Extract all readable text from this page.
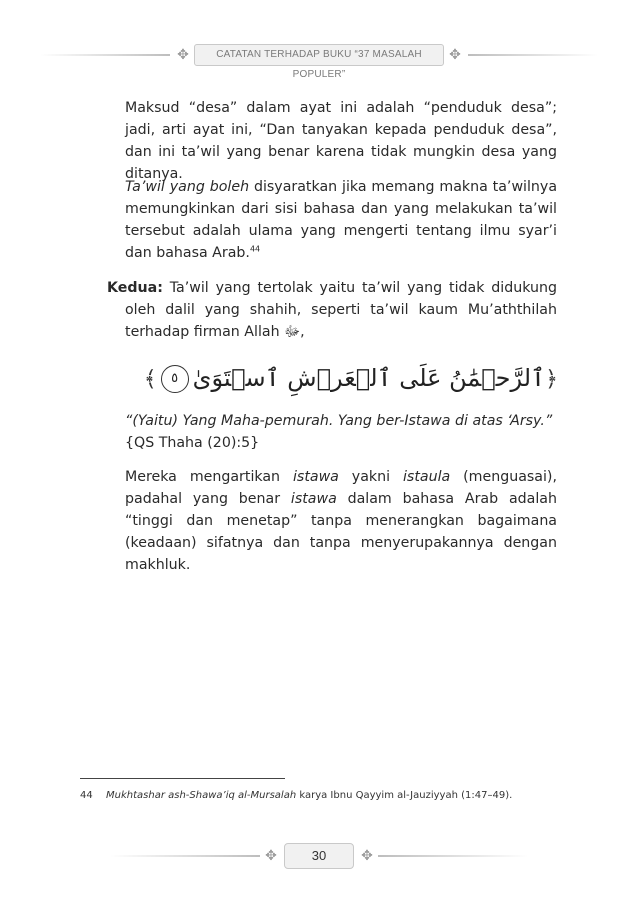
✥	CATATAN TERHADAP BUKU “37 MASALAH POPULER”
✥

Maksud “desa” dalam ayat ini adalah “penduduk desa”; jadi, arti ayat ini, “Dan tanyakan kepada penduduk desa”, dan ini ta’wil yang benar karena tidak mungkin desa yang ditanya.

Ta’wil yang boleh disyaratkan jika memang makna ta’wilnya memungkinkan dari sisi bahasa dan yang melakukan ta’wil tersebut adalah ulama yang mengerti tentang ilmu syar’i dan bahasa Arab.$^{44}$

Kedua: Ta’wil yang tertolak yaitu ta’wil yang tidak didukung oleh dalil yang shahih, seperti ta’wil kaum Mu’aththilah terhadap firman Allah ﷻ,

﴿ٱلرَّحۡمَٰنُ عَلَى ٱلۡعَرۡشِ ٱسۡتَوَىٰ٥﴾

“(Yaitu) Yang Maha-pemurah. Yang ber-Istawa di atas ‘Arsy.”

{QS Thaha (20):5}

Mereka mengartikan istawa yakni istaula (menguasai), padahal yang benar istawa dalam bahasa Arab adalah “tinggi dan menetap” tanpa menerangkan bagaimana (keadaan) sifatnya dan tanpa menyerupakannya dengan makhluk.

44 Mukhtashar ash-Shawa’iq al-Mursalah karya Ibnu Qayyim al-Jauziyyah (1:47–49).
✥	30	✥
